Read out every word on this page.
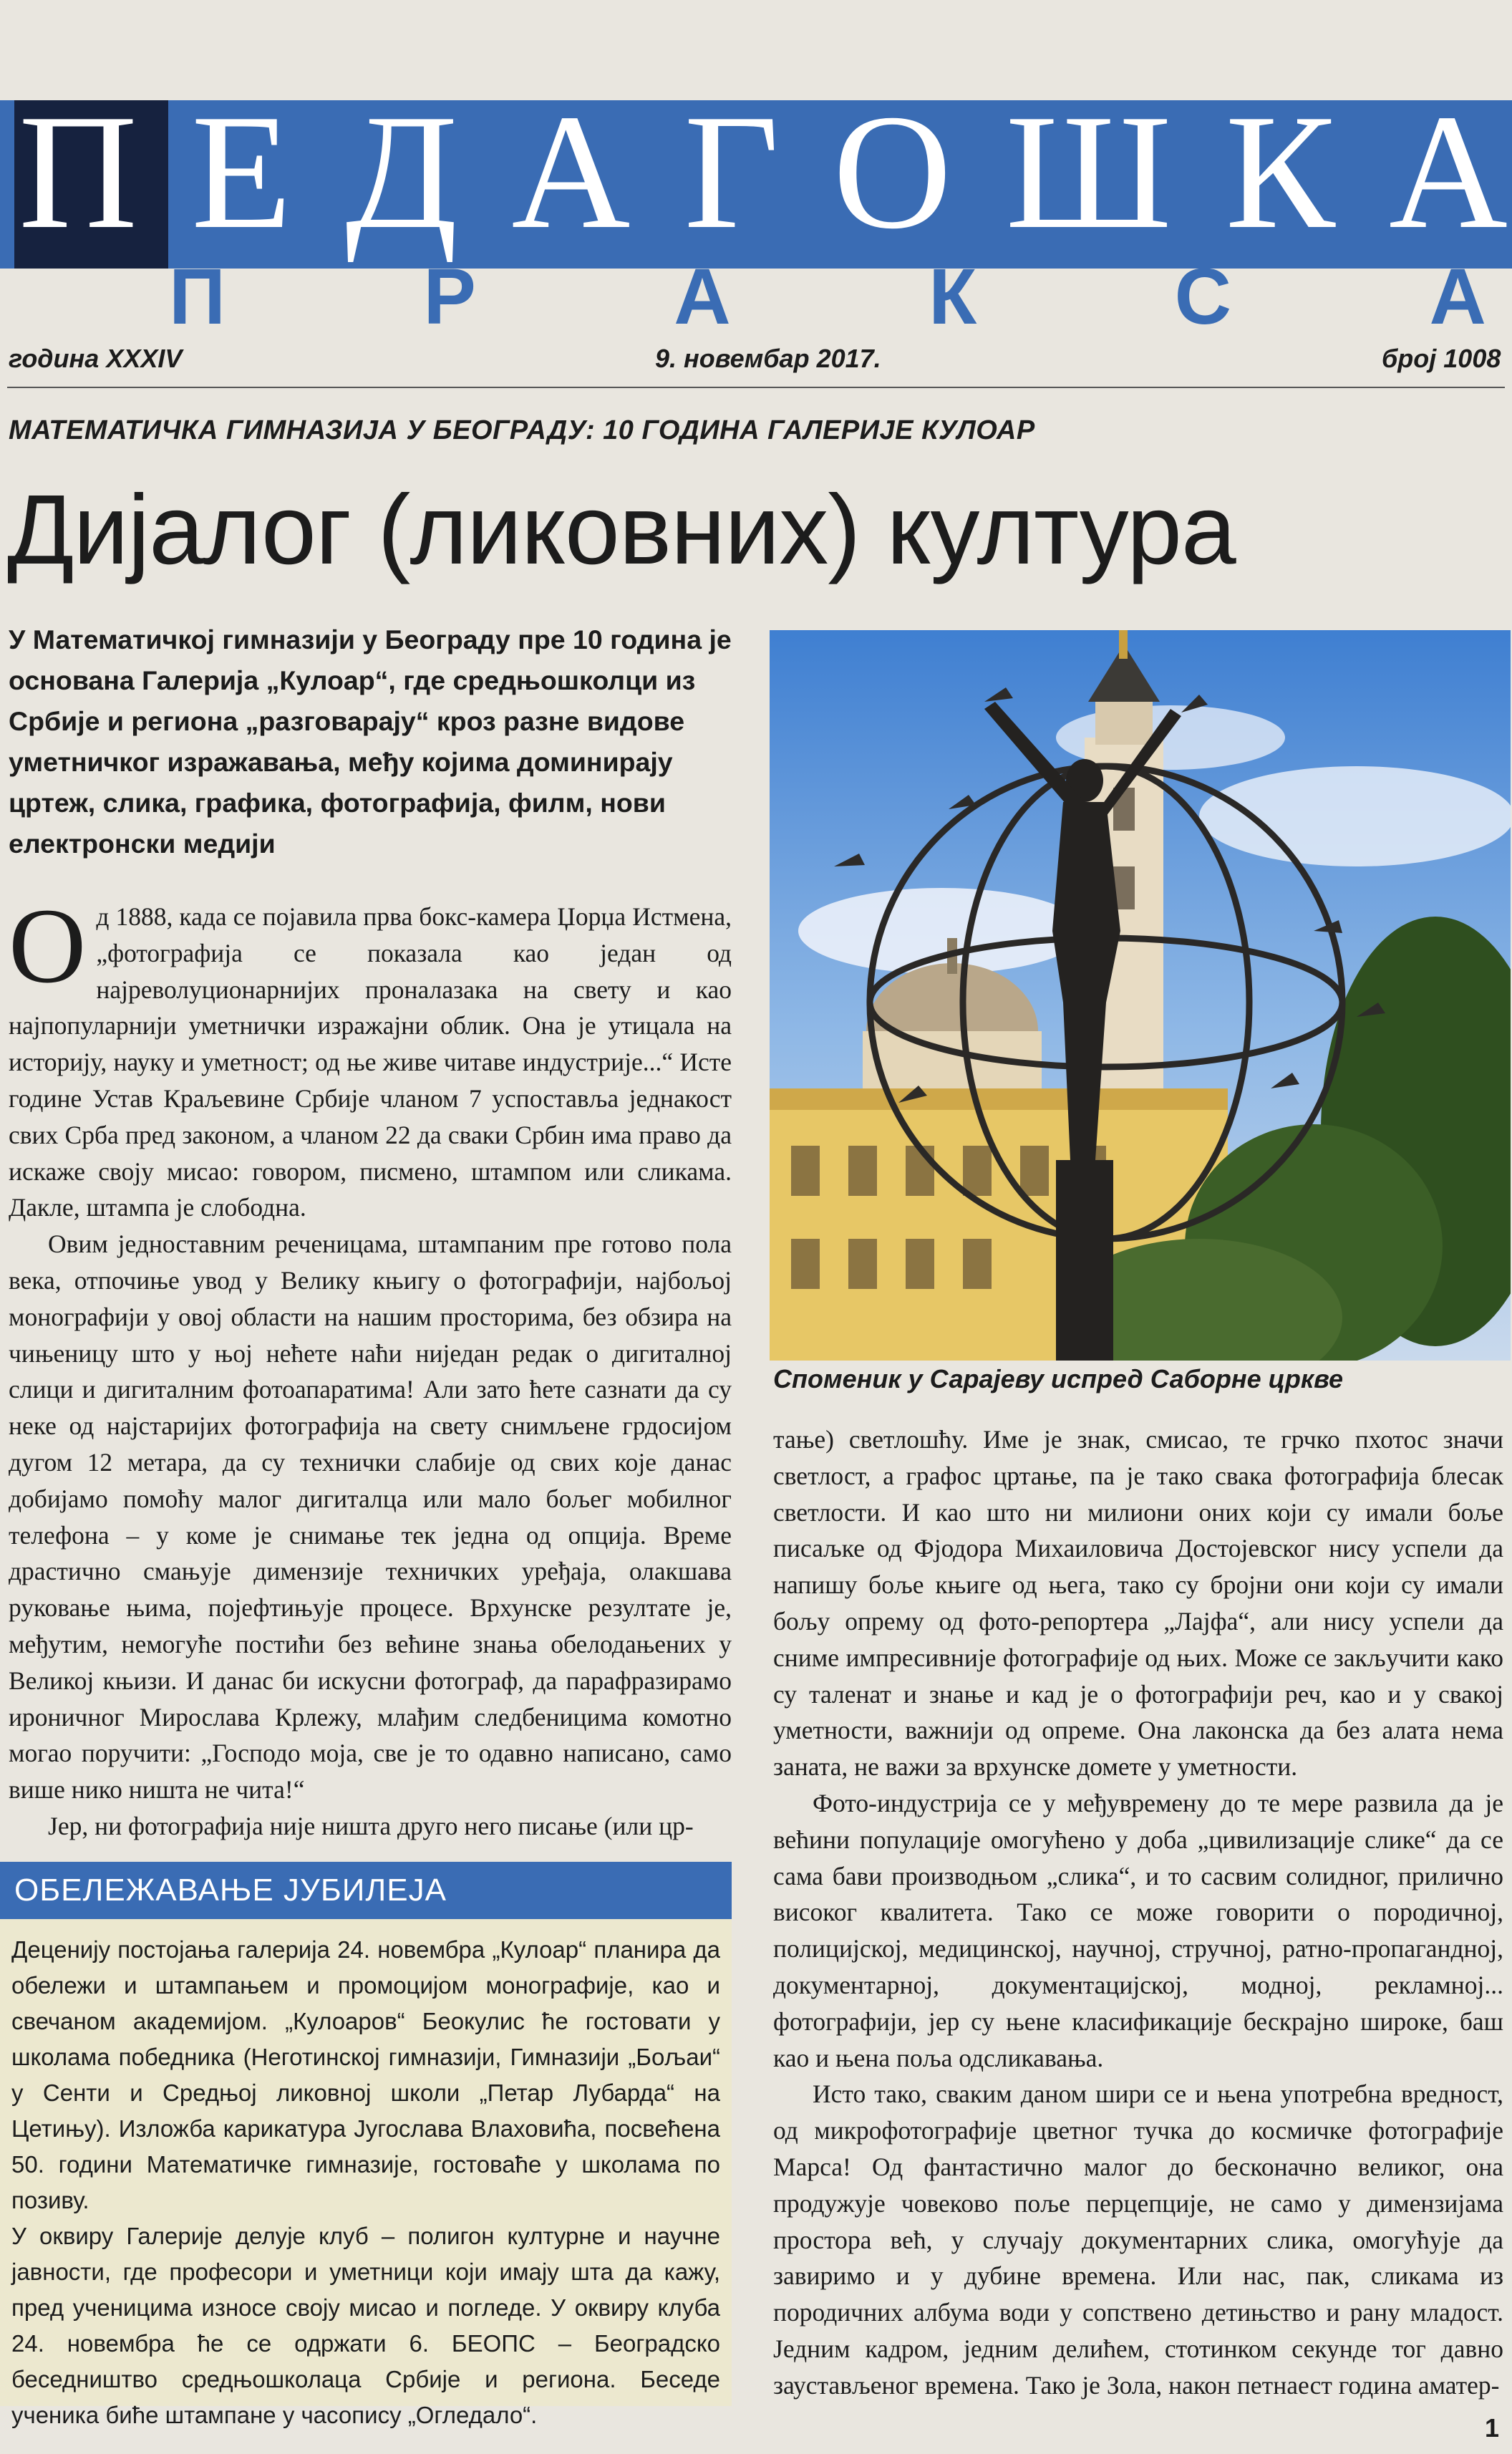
П Е Д А Г О Ш К А
П	Р	А	К	С	А
година XXXIV	9. новембар 2017.	број 1008
МАТЕМАТИЧКА ГИМНАЗИЈА У БЕОГРАДУ: 10 ГОДИНА ГАЛЕРИЈЕ КУЛОАР
Дијалог (ликовних) култура
У Математичкој гимназији у Београду пре 10 година је основана Галерија „Кулоар“, где средњошколци из Србије и региона „разговарају“ кроз разне видове уметничког изражавања, међу којима доминирају цртеж, слика, графика, фотографија, филм, нови електронски медији
Споменик у Сарајеву испред Саборне цркве

Од 1888, када се појавила прва бокс-камера Џорџа Истмена, „фотографија се показала као један од најреволуционарнијих проналазака на свету и као најпопуларнији уметнички изражајни облик. Она је утицала на историју, науку и уметност; од ње живе читаве индустрије...“ Исте године Устав Краљевине Србије чланом 7 успоставља једнакост свих Срба пред законом, а чланом 22 да сваки Србин има право да искаже своју мисао: говором, писмено, штампом или сликама. Дакле, штампа је слободна.

Овим једноставним реченицама, штампаним пре готово пола века, отпочиње увод у Велику књигу о фотографији, најбољој монографији у овој области на нашим просторима, без обзира на чињеницу што у њој нећете наћи ниједан редак о дигиталној слици и дигиталним фотоапаратима! Али зато ћете сазнати да су неке од најстаријих фотографија на свету снимљене грдосијом дугом 12 метара, да су технички слабије од свих које данас добијамо помоћу малог дигиталца или мало бољег мобилног телефона – у коме је снимање тек једна од опција. Време драстично смањује димензије техничких уређаја, олакшава руковање њима, појефтињује процесе. Врхунске резултате је, међутим, немогуће постићи без већине знања обелодањених у Великој књизи. И данас би искусни фотограф, да парафразирамо ироничног Мирослава Крлежу, млађим следбеницима комотно могао поручити: „Господо моја, све је то одавно написано, само више нико ништа не чита!“

Јер, ни фотографија није ништа друго него писање (или цр-

тање) светлошћу. Име је знак, смисао, те грчко пхотос значи светлост, а графос цртање, па је тако свака фотографија блесак светлости. И као што ни милиони оних који су имали боље писаљке од Фјодора Михаиловича Достојевског нису успели да напишу боље књиге од њега, тако су бројни они који су имали бољу опрему од фото-репортера „Лајфа“, али нису успели да сниме импресивније фотографије од њих. Може се закључити како су таленат и знање и кад је о фотографији реч, као и у свакој уметности, важнији од опреме. Она лаконска да без алата нема заната, не важи за врхунске домете у уметности.

Фото-индустрија се у међувремену до те мере развила да је већини популације омогућено у доба „цивилизације слике“ да се сама бави производњом „слика“, и то сасвим солидног, прилично високог квалитета. Тако се може говорити о породичној, полицијској, медицинској, научној, стручној, ратно-пропагандној, документарној, документацијској, модној, рекламној... фотографији, јер су њене класификације бескрајно широке, баш као и њена поља одсликавања.

Исто тако, сваким даном шири се и њена употребна вредност, од микрофотографије цветног тучка до космичке фотографије Марса! Од фантастично малог до бесконачно великог, она продужује човеково поље перцепције, не само у димензијама простора већ, у случају документарних слика, омогућује да завиримо и у дубине времена. Или нас, пак, сликама из породичних албума води у сопствено детињство и рану младост. Једним кадром, једним делићем, стотинком секунде тог давно заустављеног времена. Тако је Зола, након петнаест година аматер-

ОБЕЛЕЖАВАЊЕ ЈУБИЛЕЈА

Деценију постојања галерија 24. новембра „Кулоар“ планира да обележи и штампањем и промоцијом монографије, као и свечаном академијом. „Кулоаров“ Беокулис ће гостовати у школама победника (Неготинској гимназији, Гимназији „Бољаи“ у Сенти и Средњој ликовној школи „Петар Лубарда“ на Цетињу). Изложба карикатура Југослава Влаховића, посвећена 50. години Математичке гимназије, гостоваће у школама по позиву.

У оквиру Галерије делује клуб – полигон културне и научне јавности, где професори и уметници који имају шта да кажу, пред ученицима износе своју мисао и погледе. У оквиру клуба 24. новембра ће се одржати 6. БЕОПС – Београдско беседништво средњошколаца Србије и региона. Беседе ученика биће штампане у часопису „Огледало“.	1
